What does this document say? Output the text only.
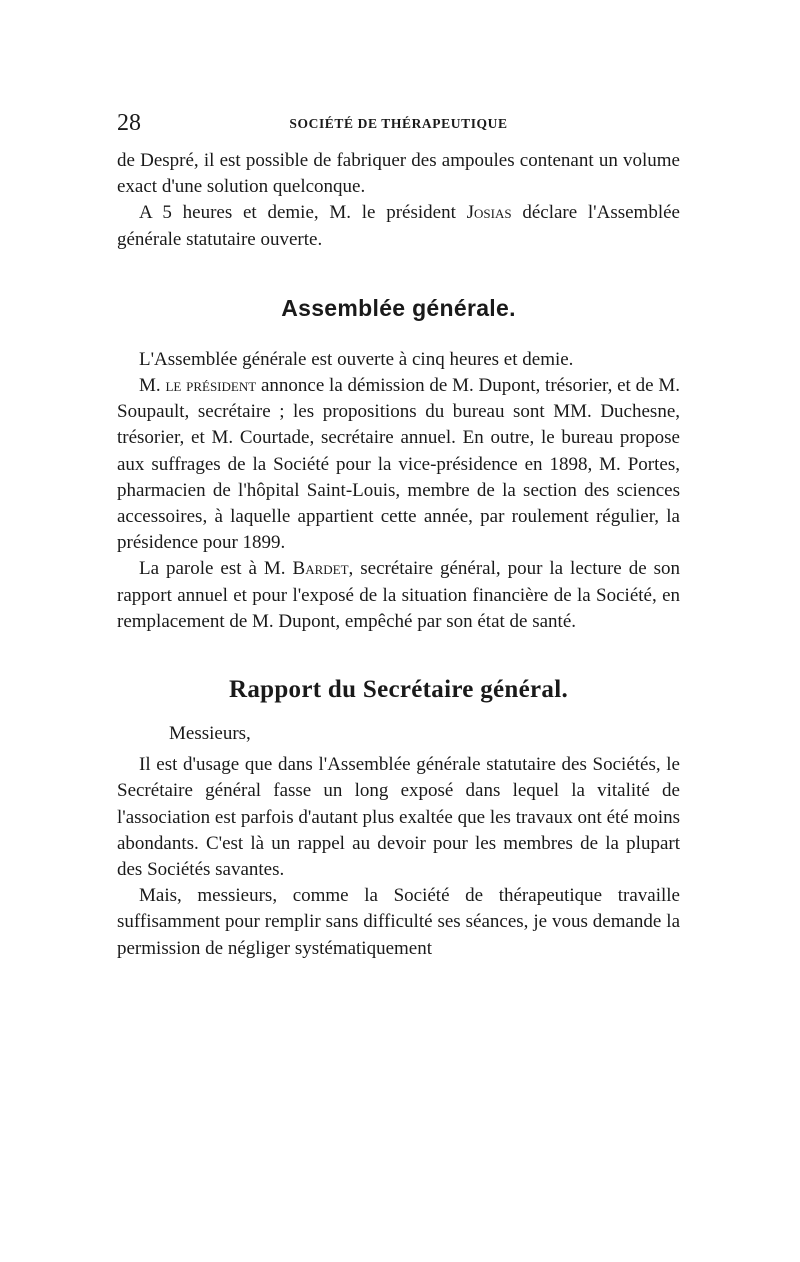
28	SOCIÉTÉ DE THÉRAPEUTIQUE

de Despré, il est possible de fabriquer des ampoules contenant un volume exact d'une solution quelconque.

A 5 heures et demie, M. le président Josias déclare l'Assemblée générale statutaire ouverte.

Assemblée générale.

L'Assemblée générale est ouverte à cinq heures et demie.

M. le président annonce la démission de M. Dupont, trésorier, et de M. Soupault, secrétaire ; les propositions du bureau sont MM. Duchesne, trésorier, et M. Courtade, secrétaire annuel. En outre, le bureau propose aux suffrages de la Société pour la vice-présidence en 1898, M. Portes, pharmacien de l'hôpital Saint-Louis, membre de la section des sciences accessoires, à laquelle appartient cette année, par roulement régulier, la présidence pour 1899.

La parole est à M. Bardet, secrétaire général, pour la lecture de son rapport annuel et pour l'exposé de la situation financière de la Société, en remplacement de M. Dupont, empêché par son état de santé.

Rapport du Secrétaire général.

Messieurs,

Il est d'usage que dans l'Assemblée générale statutaire des Sociétés, le Secrétaire général fasse un long exposé dans lequel la vitalité de l'association est parfois d'autant plus exaltée que les travaux ont été moins abondants. C'est là un rappel au devoir pour les membres de la plupart des Sociétés savantes.

Mais, messieurs, comme la Société de thérapeutique travaille suffisamment pour remplir sans difficulté ses séances, je vous demande la permission de négliger systématiquement
